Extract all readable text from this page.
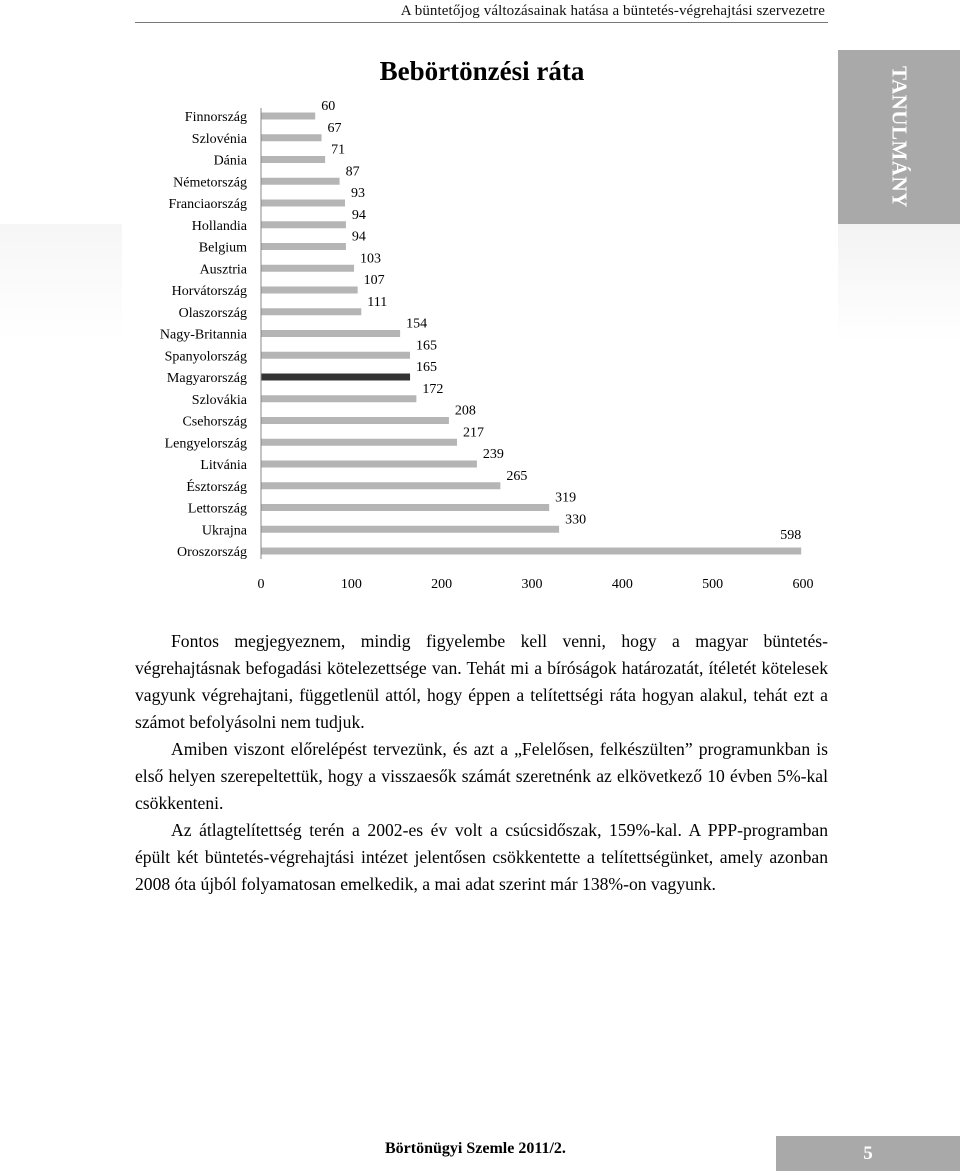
A büntetőjog változásainak hatása a büntetés-végrehajtási szervezetre
TANULMÁNY
Bebörtönzési ráta
Finnország
Szlovénia
Dánia
Németország
Franciaország
Hollandia
Belgium
Ausztria
Horvátország
Olaszország
Nagy-Britannia
Spanyolország
Magyarország
Szlovákia
Csehország
Lengyelország
Litvánia
Észtország
Lettország
Ukrajna
Oroszország
60
67
71
87
93
94
94
103
107
111
154
165
165
172
208
217
239
265
319
330
598
0	100	200	300	400	500	600

Fontos megjegyeznem, mindig figyelembe kell venni, hogy a magyar büntetés-végrehajtásnak befogadási kötelezettsége van. Tehát mi a bíróságok határozatát, ítéletét kötelesek vagyunk végrehajtani, függetlenül attól, hogy éppen a telítettségi ráta hogyan alakul, tehát ezt a számot befolyásolni nem tudjuk.

Amiben viszont előrelépést tervezünk, és azt a „Felelősen, felkészülten” programunkban is első helyen szerepeltettük, hogy a visszaesők számát szeretnénk az elkövetkező 10 évben 5%-kal csökkenteni.

Az átlagtelítettség terén a 2002-es év volt a csúcsidőszak, 159%-kal. A PPP-programban épült két büntetés-végrehajtási intézet jelentősen csökkentette a telítettségünket, amely azonban 2008 óta újból folyamatosan emelkedik, a mai adat szerint már 138%-on vagyunk.

Börtönügyi Szemle 2011/2.	5
